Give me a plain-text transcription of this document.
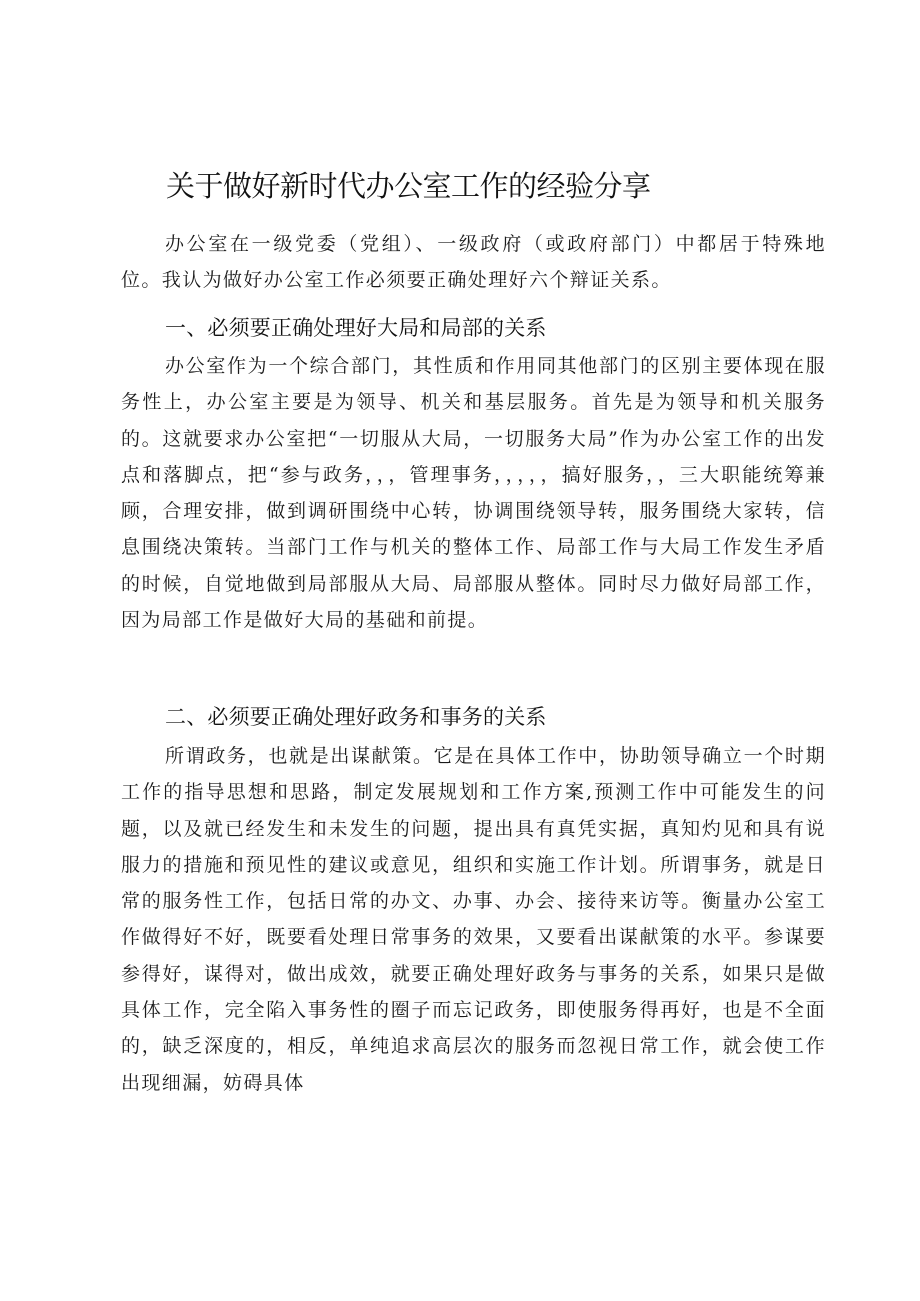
关于做好新时代办公室工作的经验分享

办公室在一级党委（党组）、一级政府（或政府部门）中都居于特殊地位。我认为做好办公室工作必须要正确处理好六个辩证关系。

一、必须要正确处理好大局和局部的关系

办公室作为一个综合部门，其性质和作用同其他部门的区别主要体现在服务性上，办公室主要是为领导、机关和基层服务。首先是为领导和机关服务的。这就要求办公室把“一切服从大局，一切服务大局”作为办公室工作的出发点和落脚点，把“参与政务，，，管理事务，，，，，搞好服务，，三大职能统筹兼顾，合理安排，做到调研围绕中心转，协调围绕领导转，服务围绕大家转，信息围绕决策转。当部门工作与机关的整体工作、局部工作与大局工作发生矛盾的时候，自觉地做到局部服从大局、局部服从整体。同时尽力做好局部工作，因为局部工作是做好大局的基础和前提。

二、必须要正确处理好政务和事务的关系

所谓政务，也就是出谋献策。它是在具体工作中，协助领导确立一个时期工作的指导思想和思路，制定发展规划和工作方案,预测工作中可能发生的问题，以及就已经发生和未发生的问题，提出具有真凭实据，真知灼见和具有说服力的措施和预见性的建议或意见，组织和实施工作计划。所谓事务，就是日常的服务性工作，包括日常的办文、办事、办会、接待来访等。衡量办公室工作做得好不好，既要看处理日常事务的效果，又要看出谋献策的水平。参谋要参得好，谋得对，做出成效，就要正确处理好政务与事务的关系，如果只是做具体工作，完全陷入事务性的圈子而忘记政务，即使服务得再好，也是不全面的，缺乏深度的，相反，单纯追求高层次的服务而忽视日常工作，就会使工作出现细漏，妨碍具体
